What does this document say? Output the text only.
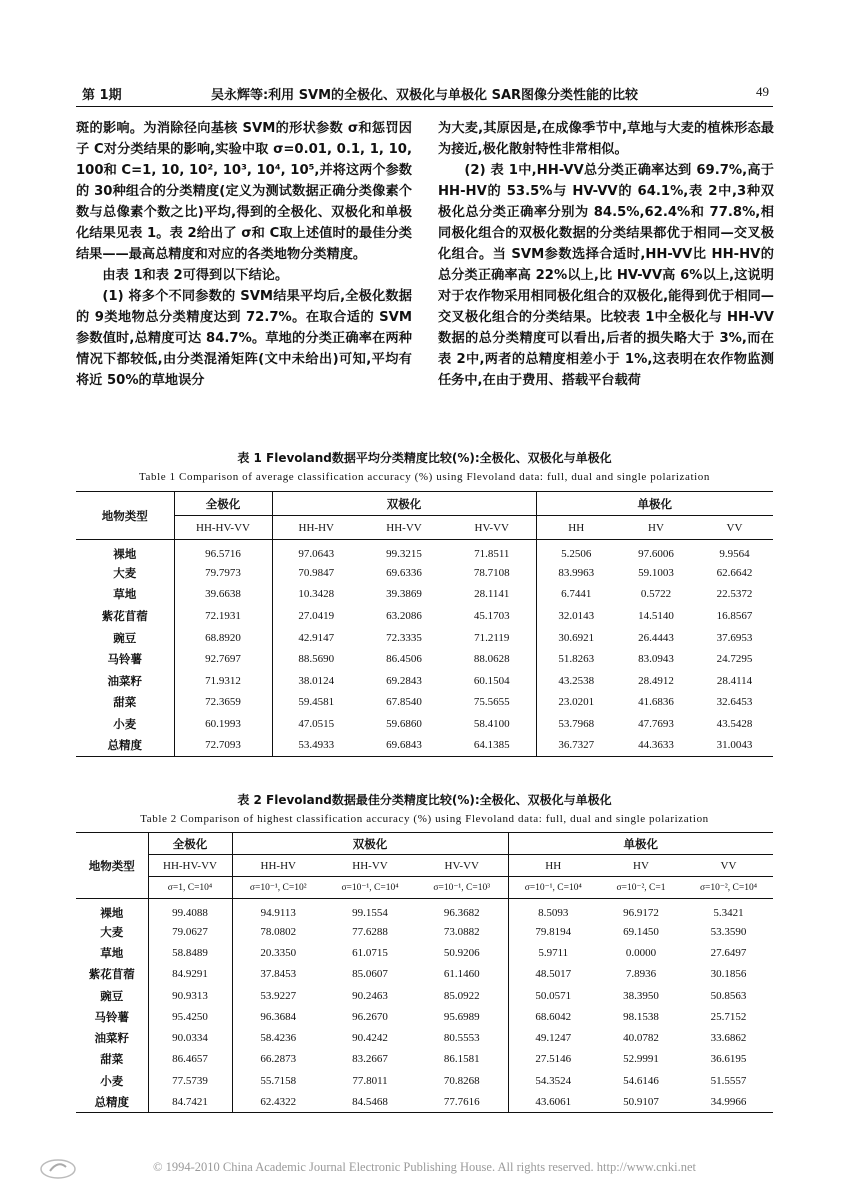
第 1期	吴永辉等:利用 SVM的全极化、双极化与单极化 SAR图像分类性能的比较	49

斑的影响。为消除径向基核 SVM的形状参数 σ和惩罚因子 C对分类结果的影响,实验中取 σ=0.01, 0.1, 1, 10, 100和 C=1, 10, 10², 10³, 10⁴, 10⁵,并将这两个参数的 30种组合的分类精度(定义为测试数据正确分类像素个数与总像素个数之比)平均,得到的全极化、双极化和单极化结果见表 1。表 2给出了 σ和 C取上述值时的最佳分类结果——最高总精度和对应的各类地物分类精度。

由表 1和表 2可得到以下结论。

(1) 将多个不同参数的 SVM结果平均后,全极化数据的 9类地物总分类精度达到 72.7%。在取合适的 SVM参数值时,总精度可达 84.7%。草地的分类正确率在两种情况下都较低,由分类混淆矩阵(文中未给出)可知,平均有将近 50%的草地误分

为大麦,其原因是,在成像季节中,草地与大麦的植株形态最为接近,极化散射特性非常相似。

(2) 表 1中,HH-VV总分类正确率达到 69.7%,高于 HH-HV的 53.5%与 HV-VV的 64.1%,表 2中,3种双极化总分类正确率分别为 84.5%,62.4%和 77.8%,相同极化组合的双极化数据的分类结果都优于相同—交叉极化组合。当 SVM参数选择合适时,HH-VV比 HH-HV的总分类正确率高 22%以上,比 HV-VV高 6%以上,这说明对于农作物采用相同极化组合的双极化,能得到优于相同—交叉极化组合的分类结果。比较表 1中全极化与 HH-VV数据的总分类精度可以看出,后者的损失略大于 3%,而在表 2中,两者的总精度相差小于 1%,这表明在农作物监测任务中,在由于费用、搭载平台载荷

表 1 Flevoland数据平均分类精度比较(%):全极化、双极化与单极化
Table 1 Comparison of average classification accuracy (%) using Flevoland data: full, dual and single polarization
地物类型	全极化	双极化			单极化		
	HH-HV-VV	HH-HV	HH-VV	HV-VV	HH	HV	VV
裸地	96.5716	97.0643	99.3215	71.8511	5.2506	97.6006	9.9564
大麦	79.7973	70.9847	69.6336	78.7108	83.9963	59.1003	62.6642
草地	39.6638	10.3428	39.3869	28.1141	6.7441	0.5722	22.5372
紫花苜蓿	72.1931	27.0419	63.2086	45.1703	32.0143	14.5140	16.8567
豌豆	68.8920	42.9147	72.3335	71.2119	30.6921	26.4443	37.6953
马铃薯	92.7697	88.5690	86.4506	88.0628	51.8263	83.0943	24.7295
油菜籽	71.9312	38.0124	69.2843	60.1504	43.2538	28.4912	28.4114
甜菜	72.3659	59.4581	67.8540	75.5655	23.0201	41.6836	32.6453
小麦	60.1993	47.0515	59.6860	58.4100	53.7968	47.7693	43.5428
总精度	72.7093	53.4933	69.6843	64.1385	36.7327	44.3633	31.0043
表 2 Flevoland数据最佳分类精度比较(%):全极化、双极化与单极化
Table 2 Comparison of highest classification accuracy (%) using Flevoland data: full, dual and single polarization
地物类型	全极化	双极化			单极化		
	HH-HV-VV	HH-HV	HH-VV	HV-VV	HH	HV	VV
	σ=1, C=10⁴	σ=10⁻¹, C=10²	σ=10⁻¹, C=10⁴	σ=10⁻¹, C=10³	σ=10⁻¹, C=10⁴	σ=10⁻², C=1	σ=10⁻², C=10⁴
裸地	99.4088	94.9113	99.1554	96.3682	8.5093	96.9172	5.3421
大麦	79.0627	78.0802	77.6288	73.0882	79.8194	69.1450	53.3590
草地	58.8489	20.3350	61.0715	50.9206	5.9711	0.0000	27.6497
紫花苜蓿	84.9291	37.8453	85.0607	61.1460	48.5017	7.8936	30.1856
豌豆	90.9313	53.9227	90.2463	85.0922	50.0571	38.3950	50.8563
马铃薯	95.4250	96.3684	96.2670	95.6989	68.6042	98.1538	25.7152
油菜籽	90.0334	58.4236	90.4242	80.5553	49.1247	40.0782	33.6862
甜菜	86.4657	66.2873	83.2667	86.1581	27.5146	52.9991	36.6195
小麦	77.5739	55.7158	77.8011	70.8268	54.3524	54.6146	51.5557
总精度	84.7421	62.4322	84.5468	77.7616	43.6061	50.9107	34.9966
© 1994-2010 China Academic Journal Electronic Publishing House. All rights reserved. http://www.cnki.net
